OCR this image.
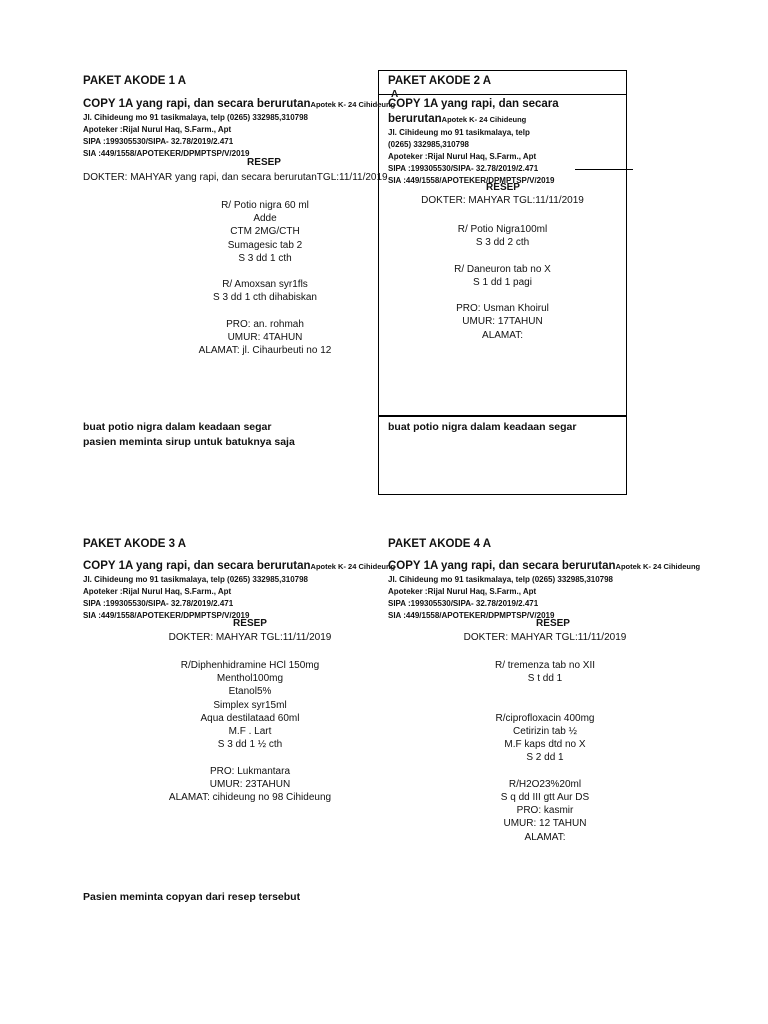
PAKET AKODE 1 A
COPY 1A yang rapi, dan secara berurutanApotek K- 24 Cihideung
Jl. Cihideung mo 91 tasikmalaya, telp (0265) 332985,310798
Apoteker :Rijal Nurul Haq, S.Farm., Apt
SIPA :199305530/SIPA- 32.78/2019/2.471
SIA :449/1558/APOTEKER/DPMPTSP/V/2019
RESEP
DOKTER: MAHYAR yang rapi, dan secara berurutanTGL:11/11/2019
R/ Potio nigra 60 ml
Adde
CTM 2MG/CTH
Sumagesic tab 2
S 3 dd 1 cth

R/ Amoxsan syr1fls
S 3 dd 1 cth dihabiskan

PRO: an. rohmah
UMUR: 4TAHUN
ALAMAT: jl. Cihaurbeuti no 12
buat potio nigra dalam keadaan segar
pasien meminta sirup untuk batuknya saja
PAKET AKODE 2 A
A
COPY 1A yang rapi, dan secara
berurutanApotek K- 24 Cihideung
Jl. Cihideung mo 91 tasikmalaya, telp
(0265) 332985,310798
Apoteker :Rijal Nurul Haq, S.Farm., Apt
SIPA :199305530/SIPA- 32.78/2019/2.471
SIA :449/1558/APOTEKER/DPMPTSP/V/2019
RESEP
DOKTER: MAHYAR TGL:11/11/2019
R/ Potio Nigra100ml
S 3 dd 2 cth

R/ Daneuron tab no X
S 1 dd 1 pagi

PRO: Usman Khoirul
UMUR: 17TAHUN
ALAMAT:
buat potio nigra dalam keadaan segar
PAKET AKODE 3 A
COPY 1A yang rapi, dan secara berurutanApotek K- 24 Cihideung
Jl. Cihideung mo 91 tasikmalaya, telp (0265) 332985,310798
Apoteker :Rijal Nurul Haq, S.Farm., Apt
SIPA :199305530/SIPA- 32.78/2019/2.471
SIA :449/1558/APOTEKER/DPMPTSP/V/2019
RESEP
DOKTER: MAHYAR TGL:11/11/2019
R/Diphenhidramine HCl 150mg
Menthol100mg
Etanol5%
Simplex syr15ml
Aqua destilataad 60ml
M.F . Lart
S 3 dd 1 ½ cth

PRO: Lukmantara
UMUR: 23TAHUN
ALAMAT: cihideung no 98 Cihideung
PAKET AKODE 4 A
COPY 1A yang rapi, dan secara berurutanApotek K- 24 Cihideung
Jl. Cihideung mo 91 tasikmalaya, telp (0265) 332985,310798
Apoteker :Rijal Nurul Haq, S.Farm., Apt
SIPA :199305530/SIPA- 32.78/2019/2.471
SIA :449/1558/APOTEKER/DPMPTSP/V/2019
RESEP
DOKTER: MAHYAR TGL:11/11/2019
R/ tremenza tab no XII
S t dd 1

R/ciprofloxacin 400mg
Cetirizin tab ½
M.F kaps dtd no X
S 2 dd 1

R/H2O23%20ml
S q dd III gtt Aur DS
PRO: kasmir
UMUR: 12 TAHUN
ALAMAT:
Pasien meminta copyan dari resep tersebut
